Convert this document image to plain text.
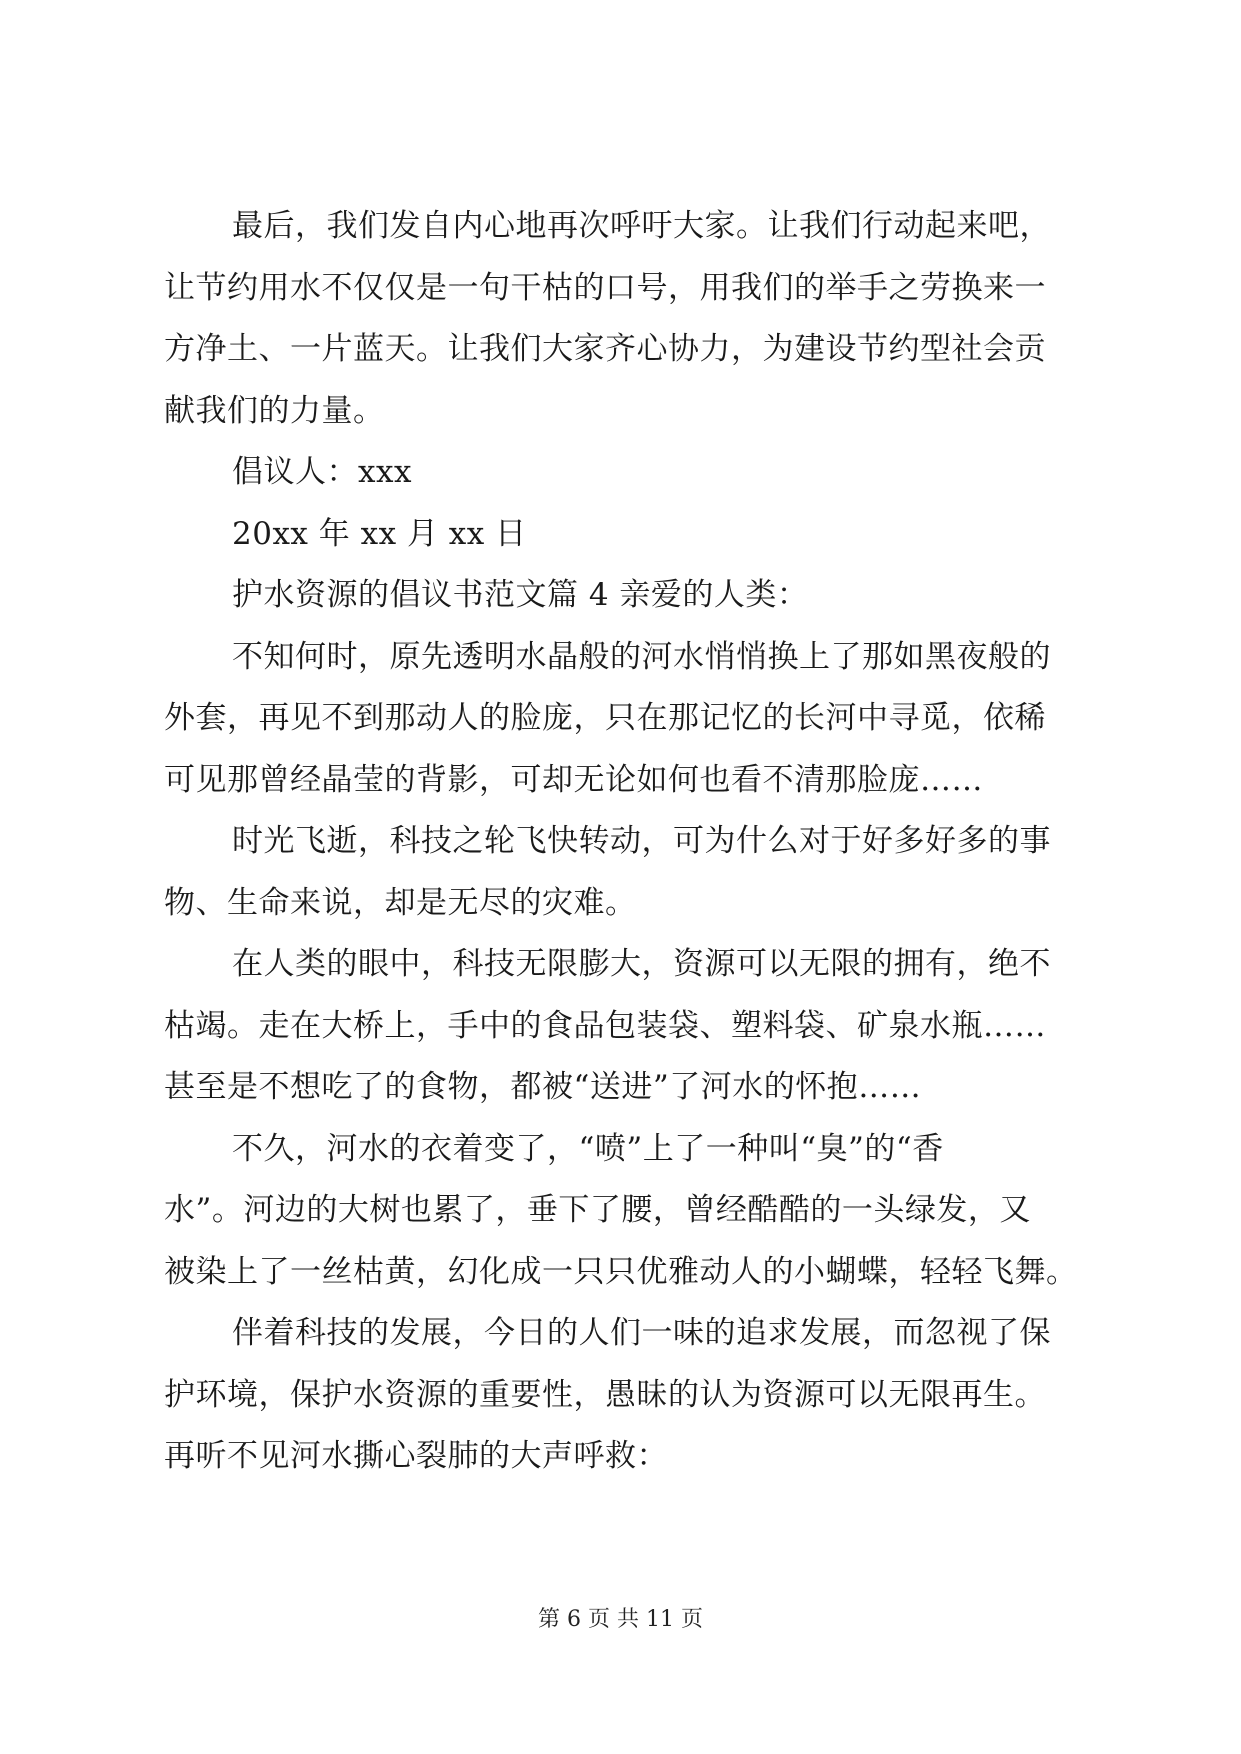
最后，我们发自内心地再次呼吁大家。让我们行动起来吧，
让节约用水不仅仅是一句干枯的口号，用我们的举手之劳换来一
方净土、一片蓝天。让我们大家齐心协力，为建设节约型社会贡
献我们的力量。
倡议人：xxx
20xx 年 xx 月 xx 日
护水资源的倡议书范文篇 4 亲爱的人类：
不知何时，原先透明水晶般的河水悄悄换上了那如黑夜般的
外套，再见不到那动人的脸庞，只在那记忆的长河中寻觅，依稀
可见那曾经晶莹的背影，可却无论如何也看不清那脸庞……
时光飞逝，科技之轮飞快转动，可为什么对于好多好多的事
物、生命来说，却是无尽的灾难。
在人类的眼中，科技无限膨大，资源可以无限的拥有，绝不
枯竭。走在大桥上，手中的食品包装袋、塑料袋、矿泉水瓶……
甚至是不想吃了的食物，都被“送进”了河水的怀抱……
不久，河水的衣着变了，“喷”上了一种叫“臭”的“香
水”。河边的大树也累了，垂下了腰，曾经酷酷的一头绿发，又
被染上了一丝枯黄，幻化成一只只优雅动人的小蝴蝶，轻轻飞舞。
伴着科技的发展，今日的人们一味的追求发展，而忽视了保
护环境，保护水资源的重要性，愚昧的认为资源可以无限再生。
再听不见河水撕心裂肺的大声呼救：
第 6 页 共 11 页
